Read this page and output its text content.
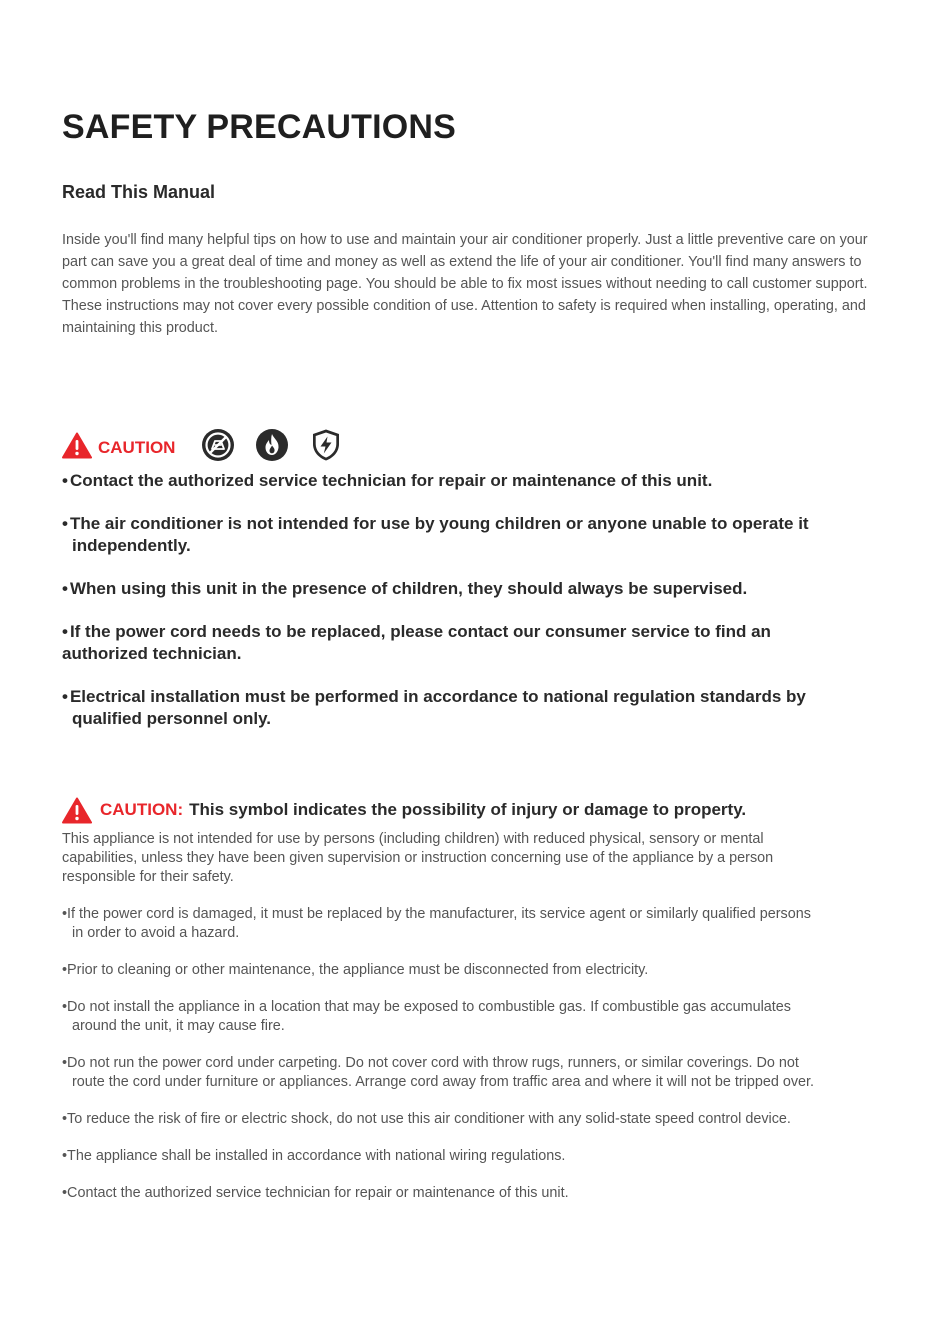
SAFETY PRECAUTIONS
Read This Manual

Inside you'll find many helpful tips on how to use and maintain your air conditioner properly. Just a little preventive care on your part can save you a great deal of time and money as well as extend the life of your air conditioner. You'll find many answers to common problems in the troubleshooting page. You should be able to fix most issues without needing to call customer support. These instructions may not cover every possible condition of use. Attention to safety is required when installing, operating, and maintaining this product.

CAUTION
• Contact the authorized service technician for repair or maintenance of this unit.
• The air conditioner is not intended for use by young children or anyone unable to operate it
independently.
• When using this unit in the presence of children, they should always be supervised.
• If the power cord needs to be replaced, please contact our consumer service to find an
authorized technician.
• Electrical installation must be performed in accordance to national regulation standards by
qualified personnel only.
CAUTION: This symbol indicates the possibility of injury or damage to property.

This appliance is not intended for use by persons (including children) with reduced physical, sensory or mental capabilities, unless they have been given supervision or instruction concerning use of the appliance by a person responsible for their safety.

•If the power cord is damaged, it must be replaced by the manufacturer, its service agent or similarly qualified persons
in order to avoid a hazard.
•Prior to cleaning or other maintenance, the appliance must be disconnected from electricity.
•Do not install the appliance in a location that may be exposed to combustible gas. If combustible gas accumulates
around the unit, it may cause fire.
•Do not run the power cord under carpeting. Do not cover cord with throw rugs, runners, or similar coverings. Do not
route the cord under furniture or appliances. Arrange cord away from traffic area and where it will not be tripped over.
•To reduce the risk of fire or electric shock, do not use this air conditioner with any solid-state speed control device.
•The appliance shall be installed in accordance with national wiring regulations.
•Contact the authorized service technician for repair or maintenance of this unit.
